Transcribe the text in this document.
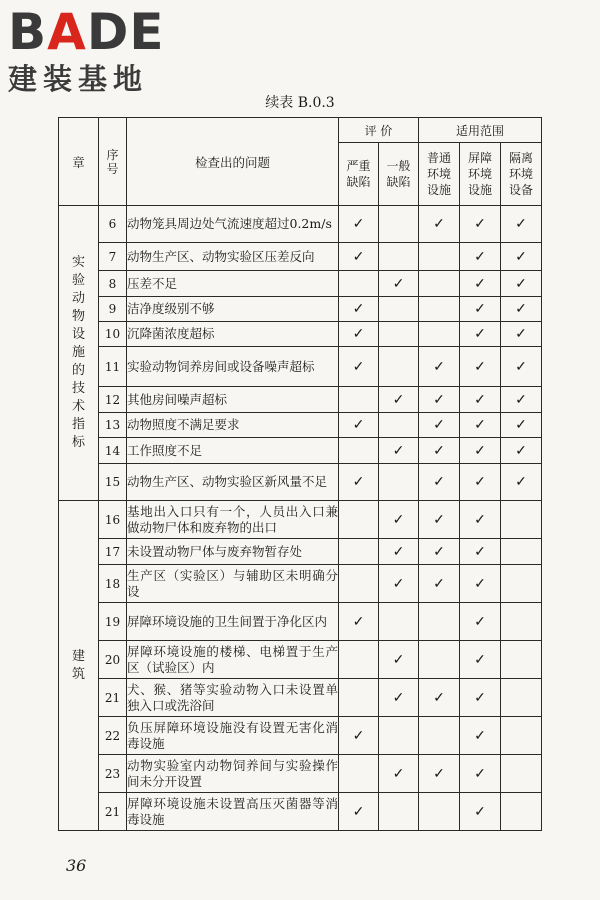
BADE
建装基地
续表 B.0.3
章	序号	检查出的问题	评 价		适用范围		
			严重缺陷	一般缺陷	普通环境设施	屏障环境设施	隔离环境设备
实验动物设施的技术指标	6	动物笼具周边处气流速度超过0.2m/s	✓		✓	✓	✓
	7	动物生产区、动物实验区压差反向	✓			✓	✓
	8	压差不足		✓		✓	✓
	9	洁净度级别不够	✓			✓	✓
	10	沉降菌浓度超标	✓			✓	✓
	11	实验动物饲养房间或设备噪声超标	✓		✓	✓	✓
	12	其他房间噪声超标		✓	✓	✓	✓
	13	动物照度不满足要求	✓		✓	✓	✓
	14	工作照度不足		✓	✓	✓	✓
	15	动物生产区、动物实验区新风量不足	✓		✓	✓	✓
建筑	16	基地出入口只有一个，人员出入口兼做动物尸体和废弃物的出口		✓	✓	✓	
	17	未设置动物尸体与废弃物暂存处		✓	✓	✓	
	18	生产区（实验区）与辅助区未明确分设		✓	✓	✓	
	19	屏障环境设施的卫生间置于净化区内	✓			✓	
	20	屏障环境设施的楼梯、电梯置于生产区（试验区）内		✓		✓	
	21	犬、猴、猪等实验动物入口未设置单独入口或洗浴间		✓	✓	✓	
	22	负压屏障环境设施没有设置无害化消毒设施	✓			✓	
	23	动物实验室内动物饲养间与实验操作间未分开设置		✓	✓	✓	
	21	屏障环境设施未设置高压灭菌器等消毒设施	✓			✓	
36
